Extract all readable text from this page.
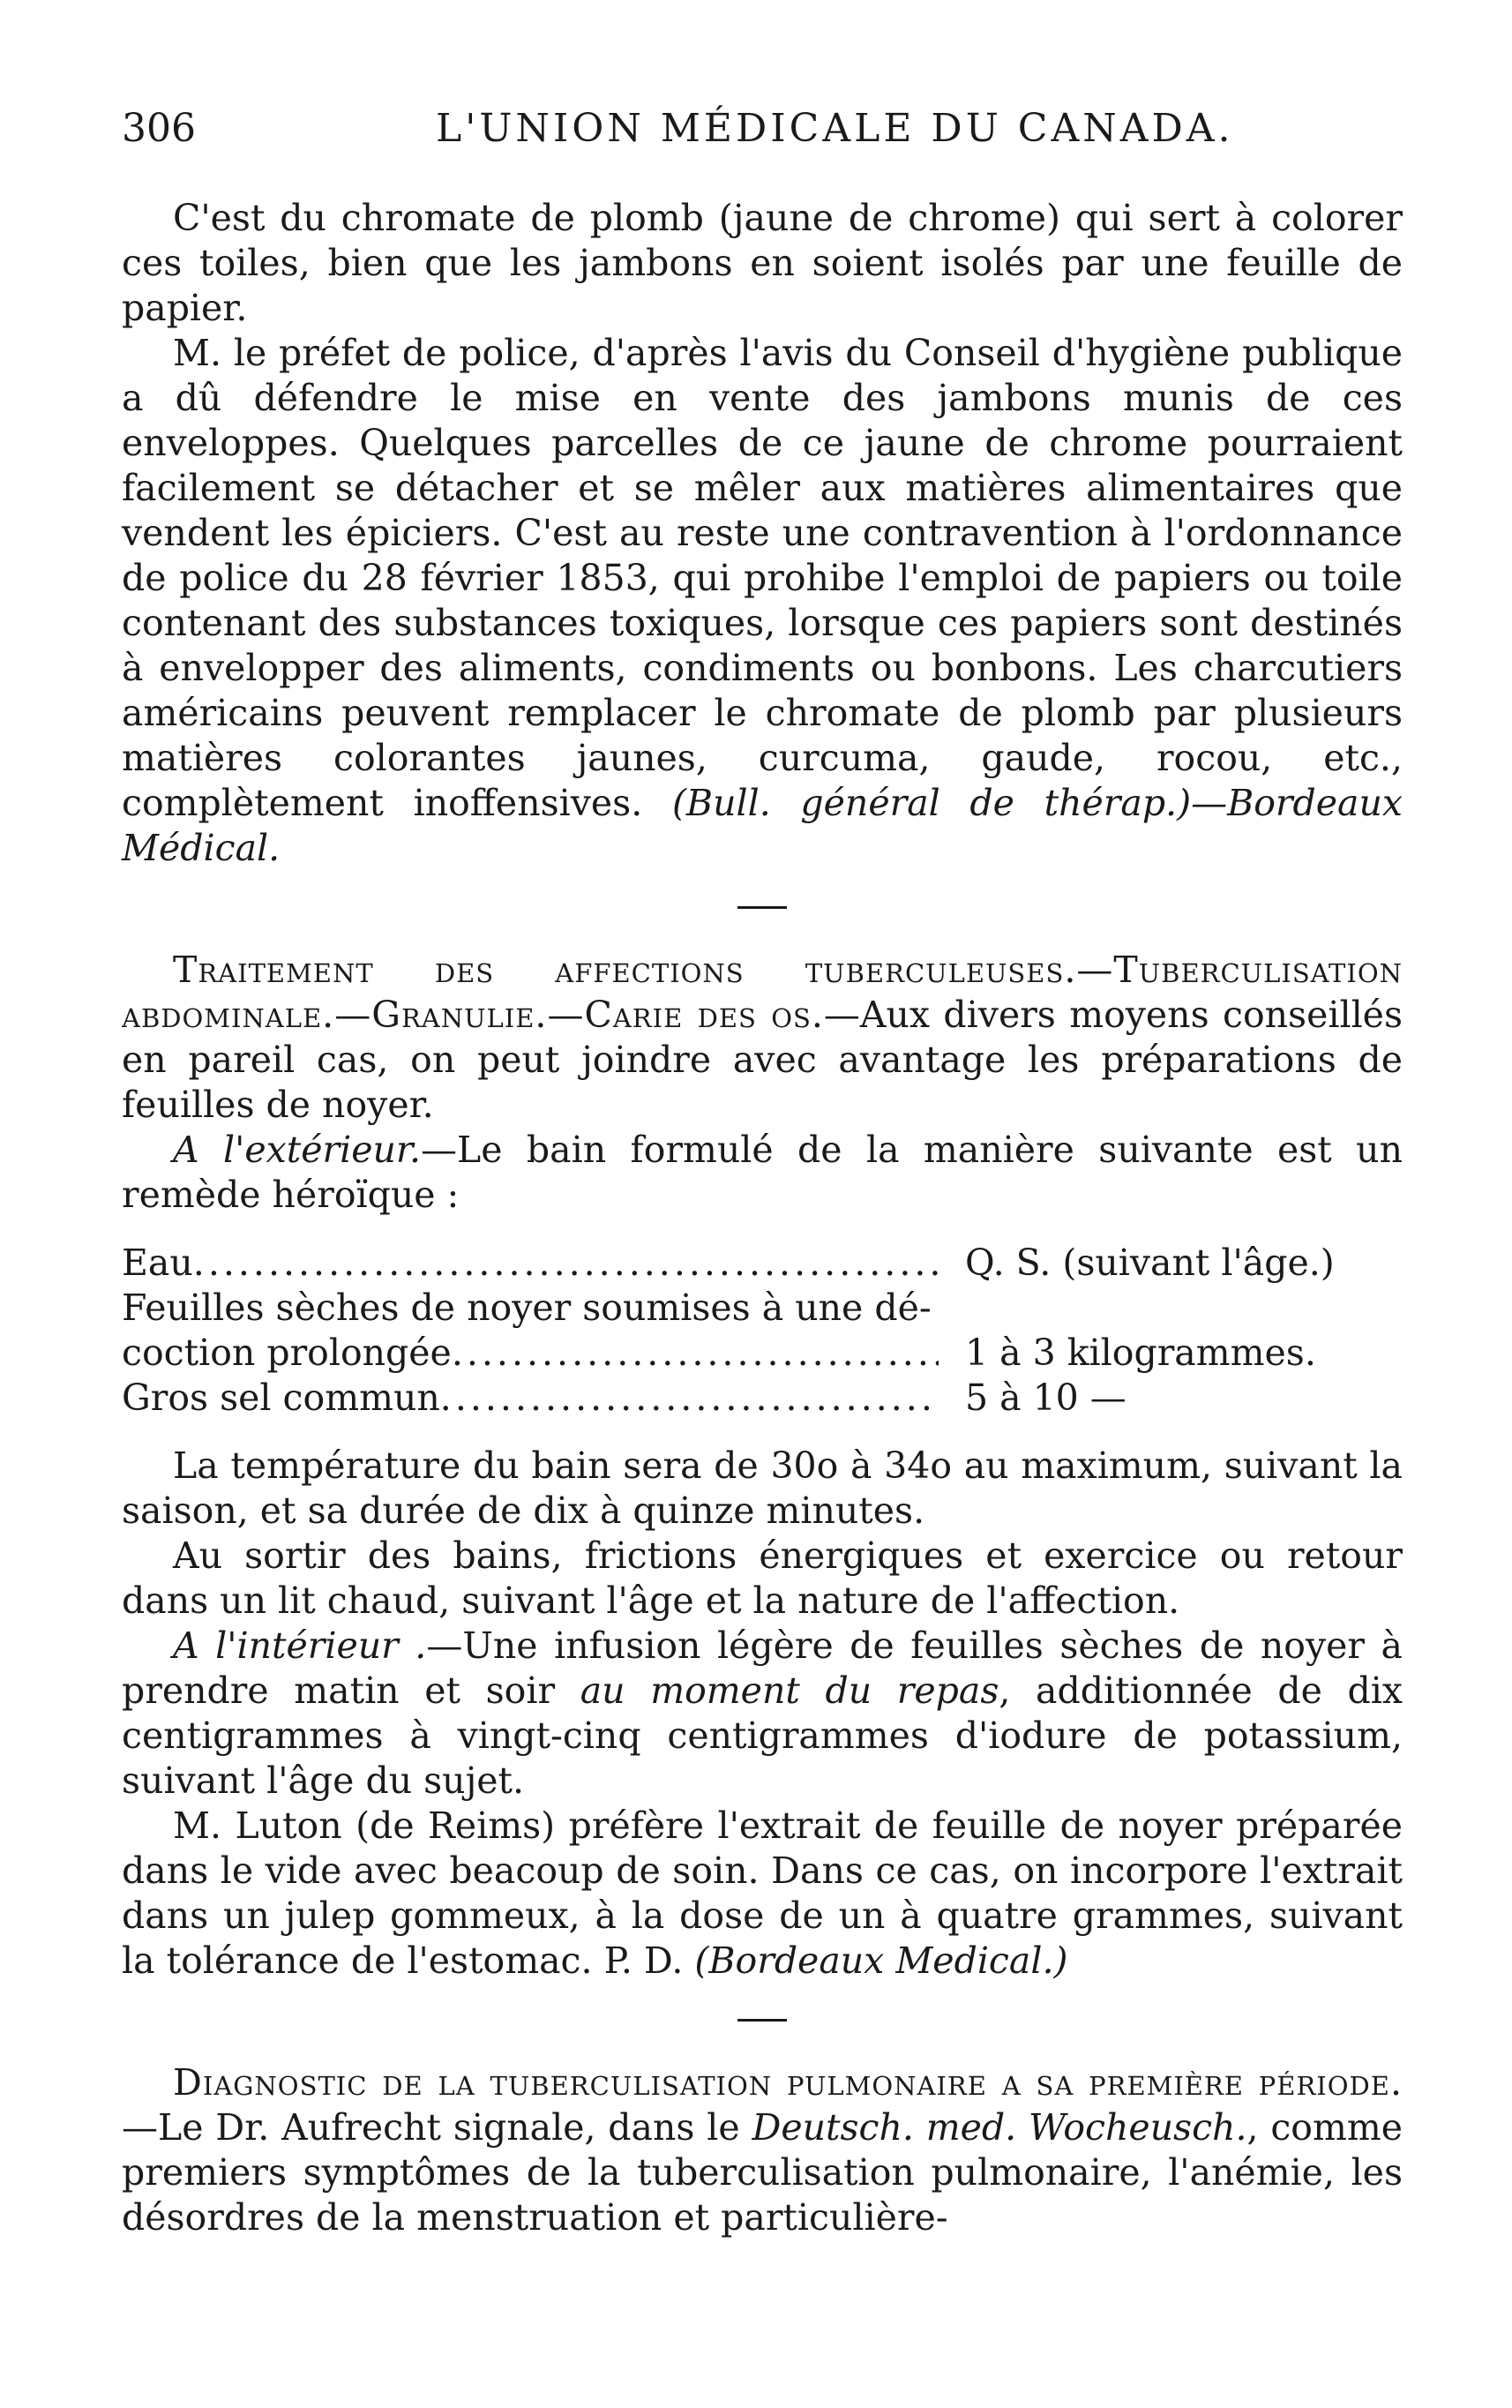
306	L'UNION MÉDICALE DU CANADA.

C'est du chromate de plomb (jaune de chrome) qui sert à colorer ces toiles, bien que les jambons en soient isolés par une feuille de papier.

M. le préfet de police, d'après l'avis du Conseil d'hygiène publique a dû défendre le mise en vente des jambons munis de ces enveloppes. Quelques parcelles de ce jaune de chrome pourraient facilement se détacher et se mêler aux matières alimentaires que vendent les épiciers. C'est au reste une contravention à l'ordonnance de police du 28 février 1853, qui prohibe l'emploi de papiers ou toile contenant des substances toxiques, lorsque ces papiers sont destinés à envelopper des aliments, condiments ou bonbons. Les charcutiers américains peuvent remplacer le chromate de plomb par plusieurs matières colorantes jaunes, curcuma, gaude, rocou, etc., complètement inoffensives. (Bull. général de thérap.)—Bordeaux Médical.

Traitement des affections tuberculeuses.—Tuberculisation abdominale.—Granulie.—Carie des os.—Aux divers moyens conseillés en pareil cas, on peut joindre avec avantage les préparations de feuilles de noyer.

A l'extérieur.—Le bain formulé de la manière suivante est un remède héroïque :

Eau .....	Q. S. (suivant l'âge.)
Feuilles sèches de noyer soumises à une dé-
coction prolongée .....	1 à 3 kilogrammes.
Gros sel commun .....	5 à 10 —

La température du bain sera de 30o à 34o au maximum, suivant la saison, et sa durée de dix à quinze minutes.

Au sortir des bains, frictions énergiques et exercice ou retour dans un lit chaud, suivant l'âge et la nature de l'affection.

A l'intérieur .—Une infusion légère de feuilles sèches de noyer à prendre matin et soir au moment du repas, additionnée de dix centigrammes à vingt-cinq centigrammes d'iodure de potassium, suivant l'âge du sujet.

M. Luton (de Reims) préfère l'extrait de feuille de noyer préparée dans le vide avec beacoup de soin. Dans ce cas, on incorpore l'extrait dans un julep gommeux, à la dose de un à quatre grammes, suivant la tolérance de l'estomac. P. D. (Bordeaux Medical.)

Diagnostic de la tuberculisation pulmonaire a sa première période.—Le Dr. Aufrecht signale, dans le Deutsch. med. Wocheusch., comme premiers symptômes de la tuberculisation pulmonaire, l'anémie, les désordres de la menstruation et particulière-
